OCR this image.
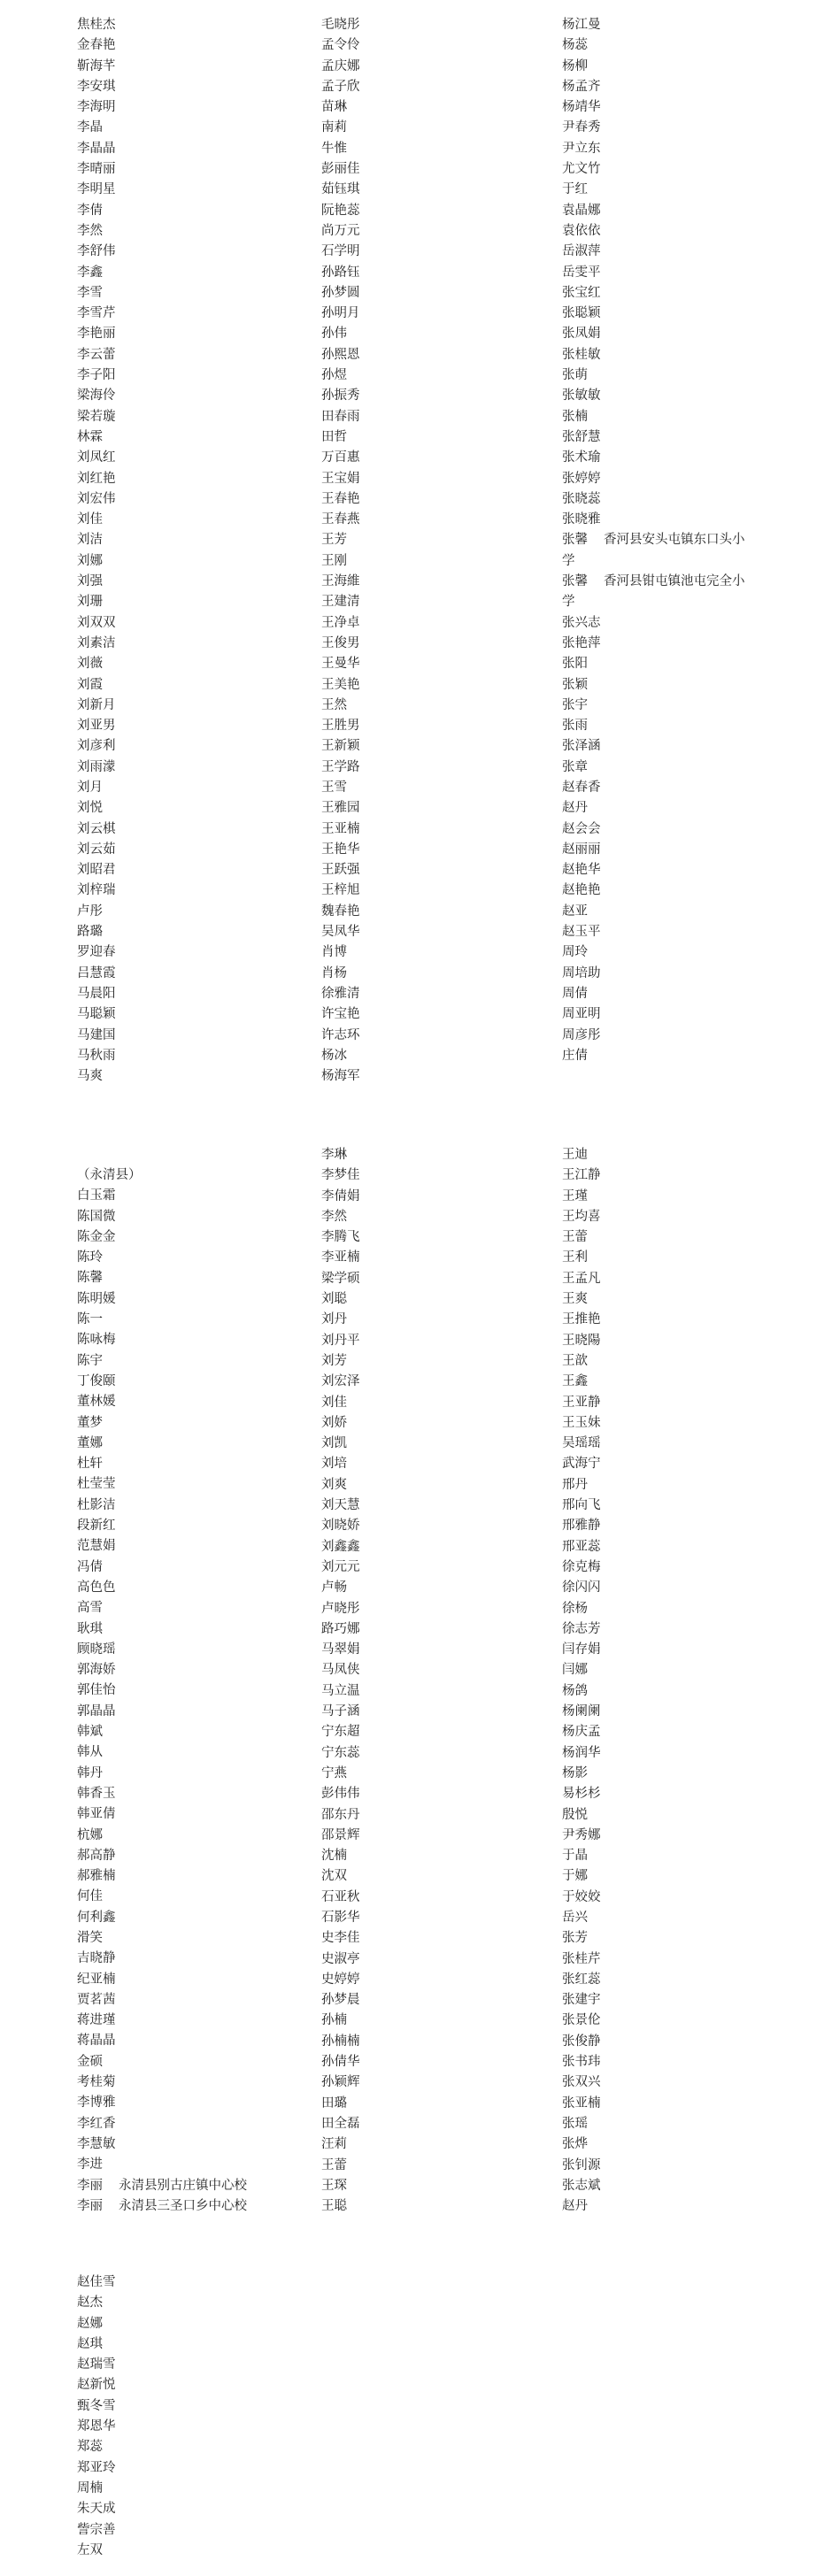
焦桂杰
金春艳
靳海芊
李安琪
李海明
李晶
李晶晶
李晴丽
李明星
李倩
李然
李舒伟
李鑫
李雪
李雪芹
李艳丽
李云蕾
李子阳
梁海伶
梁若璇
林霖
刘凤红
刘红艳
刘宏伟
刘佳
刘洁
刘娜
刘强
刘珊
刘双双
刘素洁
刘薇
刘霞
刘新月
刘亚男
刘彦利
刘雨濛
刘月
刘悦
刘云棋
刘云茹
刘昭君
刘梓瑞
卢彤
路璐
罗迎春
吕慧霞
马晨阳
马聪颖
马建国
马秋雨
马爽
毛晓彤
孟令伶
孟庆娜
孟子欣
苗琳
南莉
牛惟
彭丽佳
茹钰琪
阮艳蕊
尚万元
石学明
孙路钰
孙梦圆
孙明月
孙伟
孙熙恩
孙煜
孙振秀
田春雨
田哲
万百惠
王宝娟
王春艳
王春燕
王芳
王刚
王海維
王建清
王净卓
王俊男
王曼华
王美艳
王然
王胜男
王新颖
王学路
王雪
王雅园
王亚楠
王艳华
王跃强
王梓旭
魏春艳
吴凤华
肖博
肖杨
徐雅清
许宝艳
许志环
杨冰
杨海军
杨江曼
杨蕊
杨柳
杨孟齐
杨靖华
尹春秀
尹立东
尤文竹
于红
袁晶娜
袁依依
岳淑萍
岳雯平
张宝红
张聪颖
张凤娟
张桂敏
张萌
张敏敏
张楠
张舒慧
张术瑜
张婷婷
张晓蕊
张晓雅
张馨 香河县安头屯镇东口头小
学
张馨 香河县钳屯镇池屯完全小
学
张兴志
张艳萍
张阳
张颖
张宇
张雨
张泽涵
张章
赵春香
赵丹
赵会会
赵丽丽
赵艳华
赵艳艳
赵亚
赵玉平
周玲
周培助
周倩
周亚明
周彦彤
庄倩
（永清县）
白玉霜
陈国微
陈金金
陈玲
陈馨
陈明媛
陈一
陈咏梅
陈宇
丁俊颐
董林媛
董梦
董娜
杜轩
杜莹莹
杜影洁
段新红
范慧娟
冯倩
高色色
高雪
耿琪
顾晓瑶
郭海娇
郭佳怡
郭晶晶
韩斌
韩从
韩丹
韩香玉
韩亚倩
杭娜
郝高静
郝雅楠
何佳
何利鑫
滑笑
吉晓静
纪亚楠
贾茗茜
蒋进瑾
蒋晶晶
金硕
考桂菊
李博雅
李红香
李慧敏
李进
李丽 永清县别古庄镇中心校
李丽 永清县三圣口乡中心校
李琳
李梦佳
李倩娟
李然
李腾飞
李亚楠
梁学硕
刘聪
刘丹
刘丹平
刘芳
刘宏泽
刘佳
刘娇
刘凯
刘培
刘爽
刘天慧
刘晓娇
刘鑫鑫
刘元元
卢畅
卢晓彤
路巧娜
马翠娟
马凤侠
马立温
马子涵
宁东超
宁东蕊
宁燕
彭伟伟
邵东丹
邵景辉
沈楠
沈双
石亚秋
石影华
史李佳
史淑亭
史婷婷
孙梦晨
孙楠
孙楠楠
孙倩华
孙颖辉
田璐
田全磊
汪莉
王蕾
王琛
王聪
王迪
王江静
王瑾
王均喜
王蕾
王利
王孟凡
王爽
王推艳
王晓陽
王歆
王鑫
王亚静
王玉妹
吴瑶瑶
武海宁
邢丹
邢向飞
邢雅静
邢亚蕊
徐克梅
徐闪闪
徐杨
徐志芳
闫存娟
闫娜
杨鸽
杨阑阑
杨庆孟
杨润华
杨影
易杉杉
殷悦
尹秀娜
于晶
于娜
于姣姣
岳兴
张芳
张桂芹
张红蕊
张建宇
张景伦
张俊静
张书玮
张双兴
张亚楠
张瑶
张烨
张钊源
张志斌
赵丹
赵佳雪
赵杰
赵娜
赵琪
赵瑞雪
赵新悦
甄冬雪
郑恩华
郑蕊
郑亚玲
周楠
朱天成
訾宗善
左双
